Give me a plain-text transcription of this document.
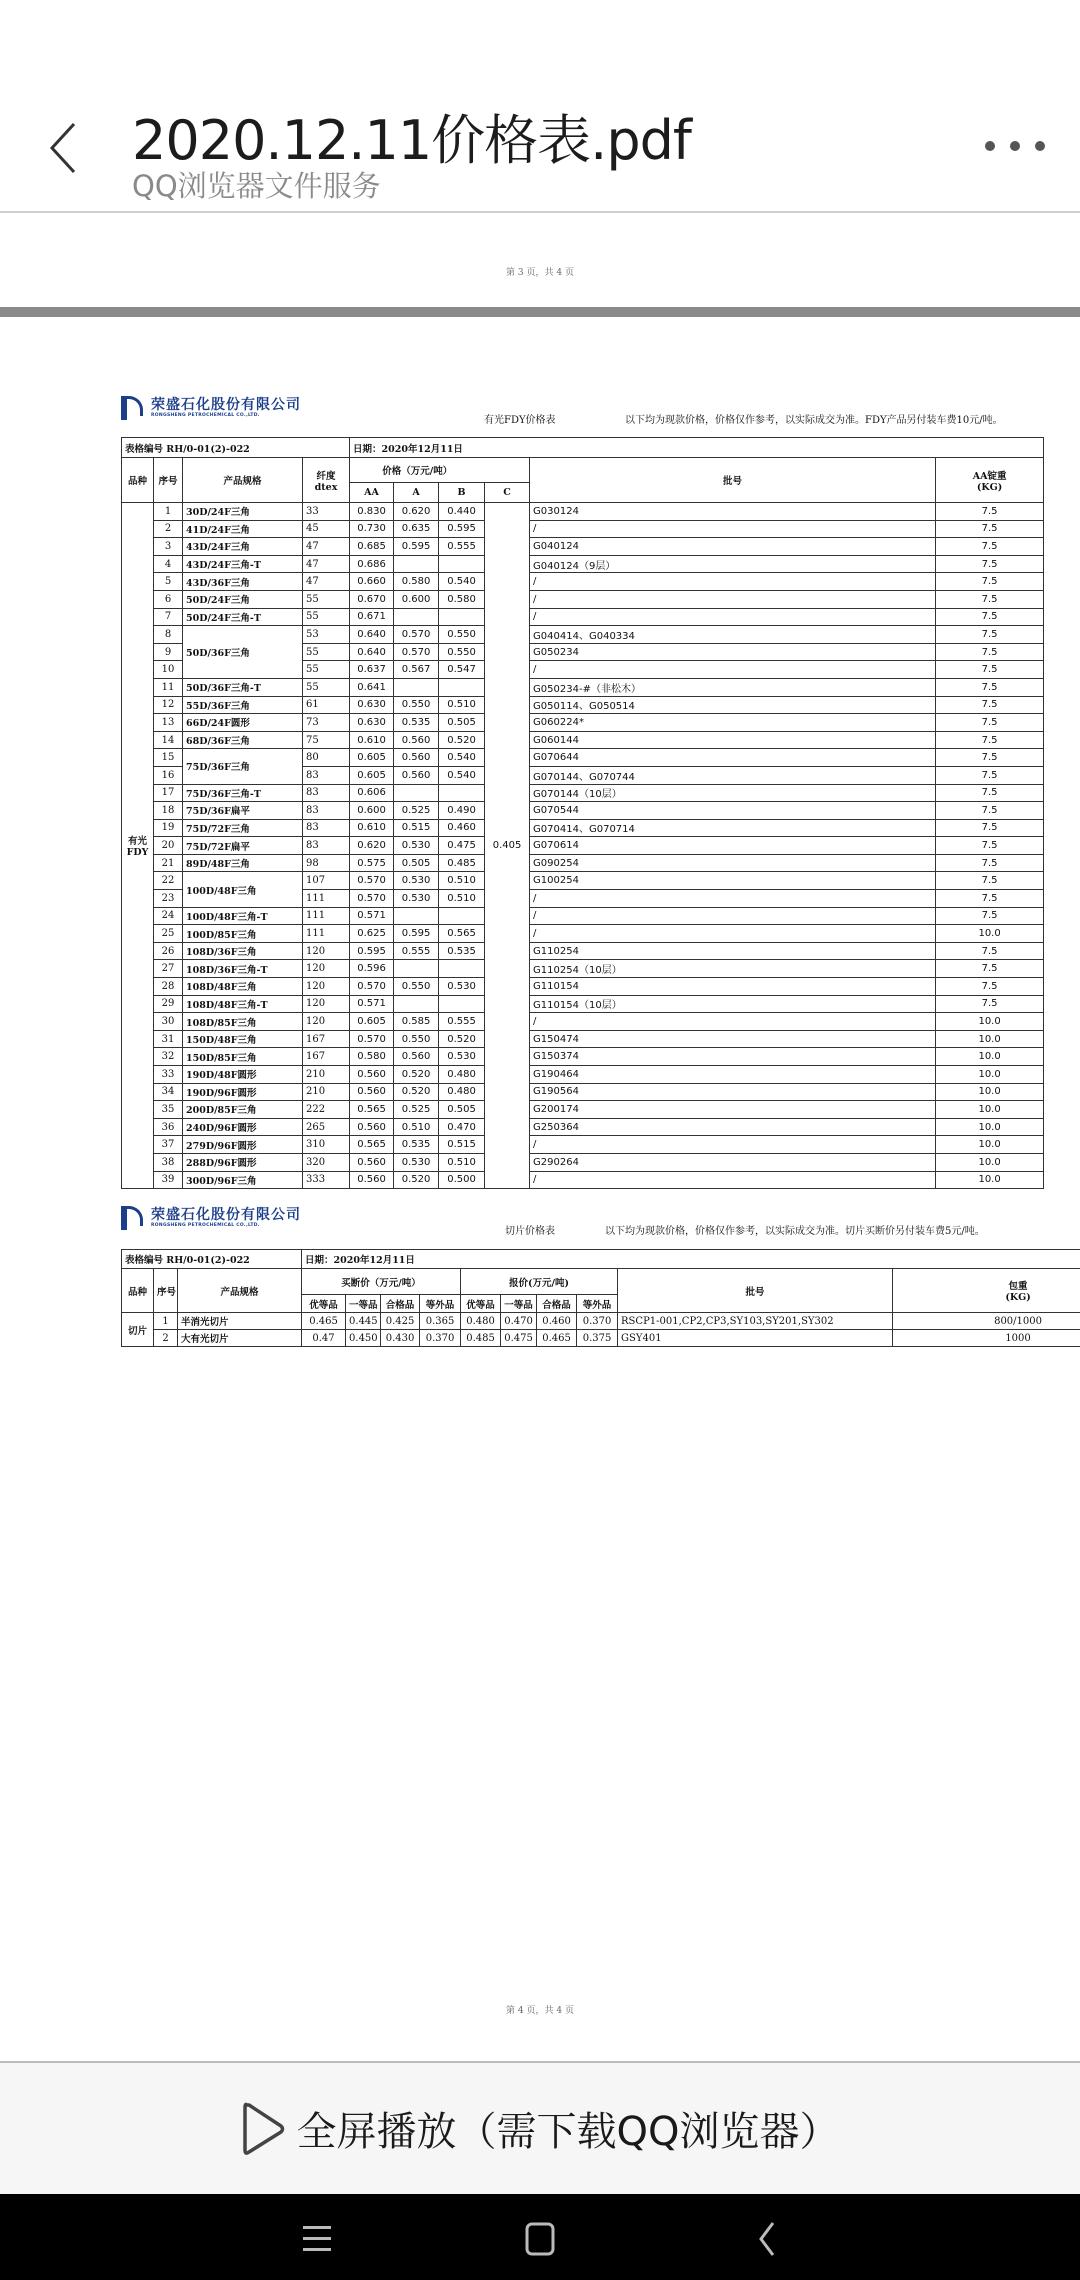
2020.12.11价格表.pdf
QQ浏览器文件服务
第 3 页，共 4 页
荣盛石化股份有限公司
RONGSHENG PETROCHEMICAL CO.,LTD.	有光FDY价格表	以下均为现款价格，价格仅作参考，以实际成交为准。FDY产品另付装车费10元/吨。
表格编号 RH/0-01(2)-022	日期：2020年12月11日
品种	序号	产品规格	纤度
dtex
	价格（万元/吨）		批号	AA锭重
(KG)

AA	A	B	C

有光
FDY
	1	30D/24F三角	33	0.830	0.620	0.440	0.405	G030124	7.5
2	41D/24F三角	45	0.730	0.635	0.595	/	7.5
3	43D/24F三角	47	0.685	0.595	0.555	G040124	7.5
4	43D/24F三角-T	47	0.686			G040124（9层）	7.5
5	43D/36F三角	47	0.660	0.580	0.540	/	7.5
6	50D/24F三角	55	0.670	0.600	0.580	/	7.5
7	50D/24F三角-T	55	0.671			/	7.5
8	50D/36F三角	53	0.640	0.570	0.550	G040414、G040334	7.5
9	55	0.640	0.570	0.550	G050234	7.5
10	55	0.637	0.567	0.547	/	7.5
11	50D/36F三角-T	55	0.641			G050234-#（非松木）	7.5
12	55D/36F三角	61	0.630	0.550	0.510	G050114、G050514	7.5
13	66D/24F圆形	73	0.630	0.535	0.505	G060224*	7.5
14	68D/36F三角	75	0.610	0.560	0.520	G060144	7.5
15	75D/36F三角	80	0.605	0.560	0.540	G070644	7.5
16	83	0.605	0.560	0.540	G070144、G070744	7.5
17	75D/36F三角-T	83	0.606			G070144（10层）	7.5
18	75D/36F扁平	83	0.600	0.525	0.490	G070544	7.5
19	75D/72F三角	83	0.610	0.515	0.460	G070414、G070714	7.5
20	75D/72F扁平	83	0.620	0.530	0.475	G070614	7.5
21	89D/48F三角	98	0.575	0.505	0.485	G090254	7.5
22	100D/48F三角	107	0.570	0.530	0.510	G100254	7.5
23	111	0.570	0.530	0.510	/	7.5
24	100D/48F三角-T	111	0.571			/	7.5
25	100D/85F三角	111	0.625	0.595	0.565	/	10.0
26	108D/36F三角	120	0.595	0.555	0.535	G110254	7.5
27	108D/36F三角-T	120	0.596			G110254（10层）	7.5
28	108D/48F三角	120	0.570	0.550	0.530	G110154	7.5
29	108D/48F三角-T	120	0.571			G110154（10层）	7.5
30	108D/85F三角	120	0.605	0.585	0.555	/	10.0
31	150D/48F三角	167	0.570	0.550	0.520	G150474	10.0
32	150D/85F三角	167	0.580	0.560	0.530	G150374	10.0
33	190D/48F圆形	210	0.560	0.520	0.480	G190464	10.0
34	190D/96F圆形	210	0.560	0.520	0.480	G190564	10.0
35	200D/85F三角	222	0.565	0.525	0.505	G200174	10.0
36	240D/96F圆形	265	0.560	0.510	0.470	G250364	10.0
37	279D/96F圆形	310	0.565	0.535	0.515	/	10.0
38	288D/96F圆形	320	0.560	0.530	0.510	G290264	10.0
39	300D/96F三角	333	0.560	0.520	0.500	/	10.0
荣盛石化股份有限公司
RONGSHENG PETROCHEMICAL CO.,LTD.
切片价格表	以下均为现款价格，价格仅作参考，以实际成交为准。切片买断价另付装车费5元/吨。
表格编号 RH/0-01(2)-022	日期：2020年12月11日
品种	序号	产品规格	买断价（万元/吨）	报价(万元/吨)	批号	包重
(KG)

优等品	一等品	合格品	等外品	优等品	一等品	合格品	等外品
切片	1	半消光切片	0.465	0.445	0.425	0.365	0.480	0.470	0.460	0.370	RSCP1-001,CP2,CP3,SY103,SY201,SY302	800/1000
2	大有光切片	0.47	0.450	0.430	0.370	0.485	0.475	0.465	0.375	GSY401	1000
第 4 页，共 4 页
全屏播放（需下载QQ浏览器）
